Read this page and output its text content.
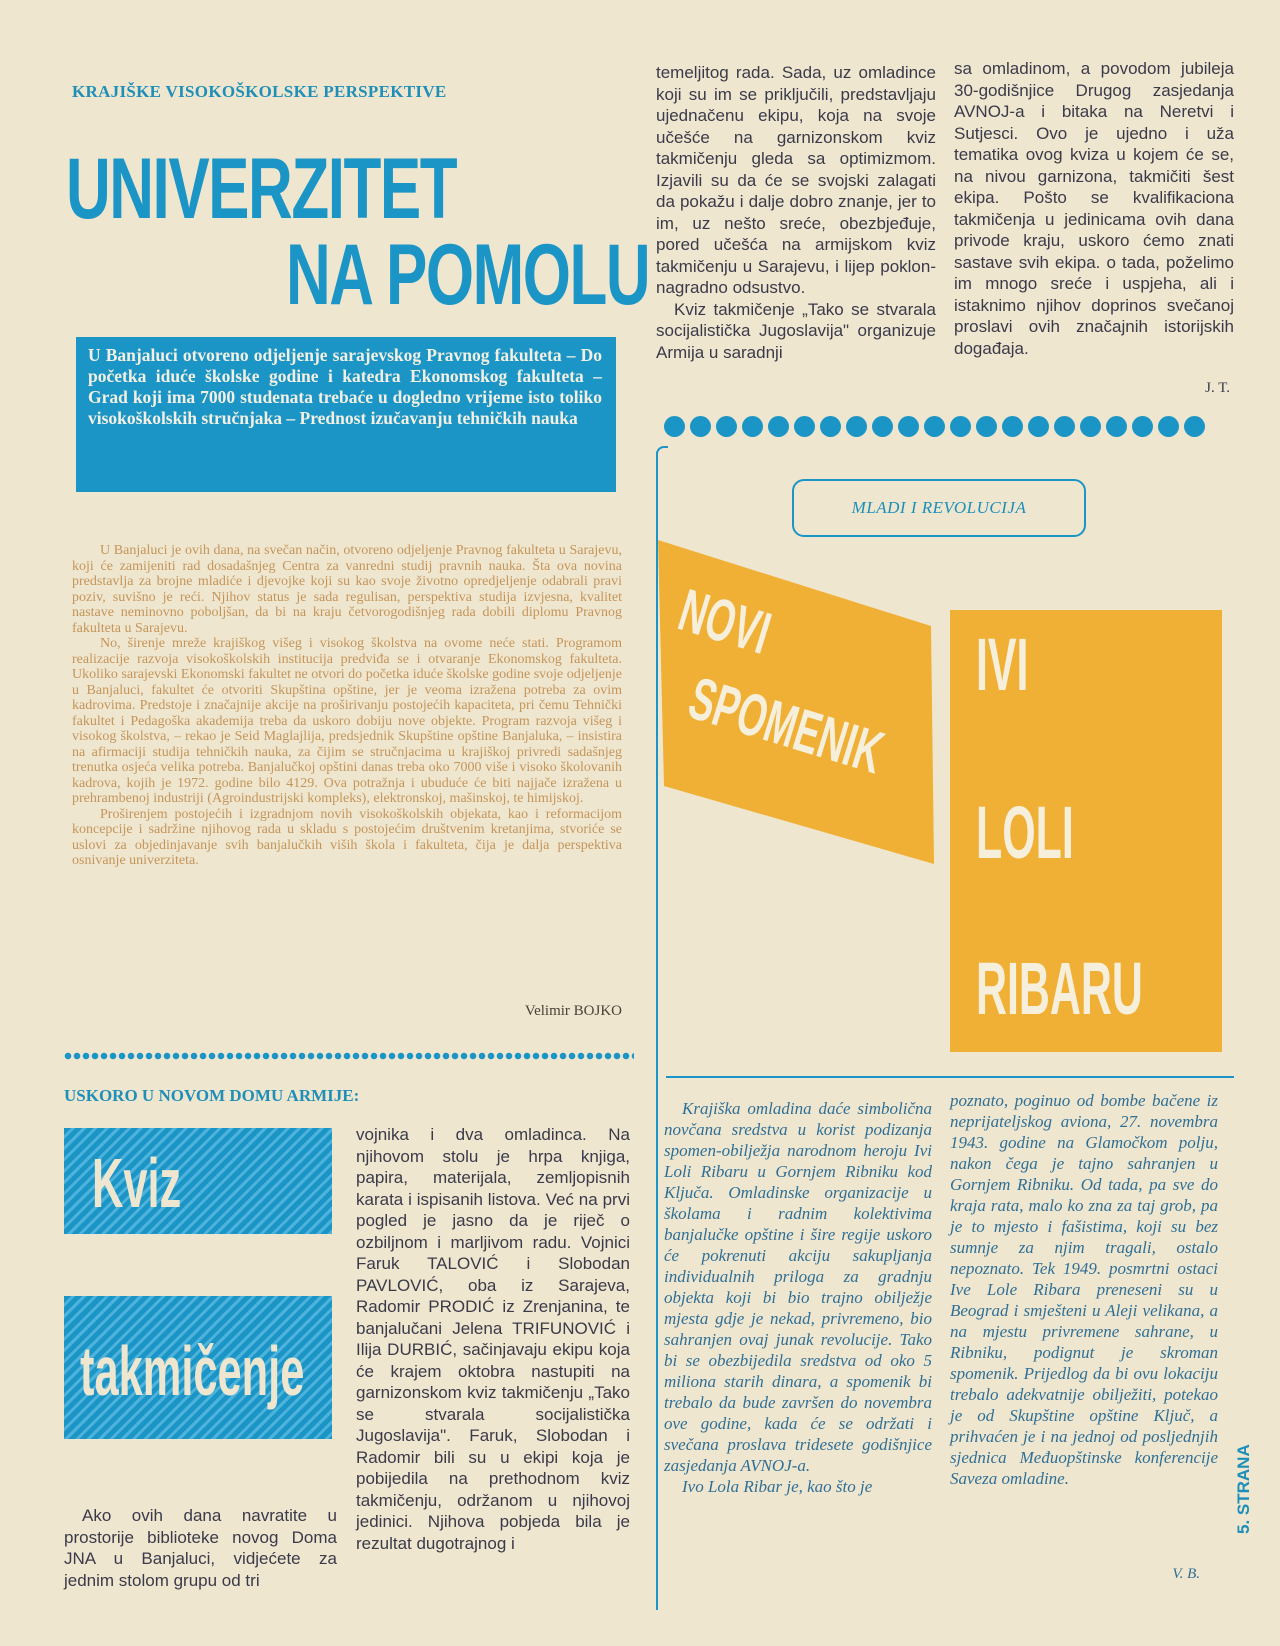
KRAJIŠKE VISOKOŠKOLSKE PERSPEKTIVE
UNIVERZITET
NA POMOLU
U Banjaluci otvoreno odjeljenje sarajevskog Pravnog fakulteta – Do početka iduće školske godine i katedra Ekonomskog fakulteta – Grad koji ima 7000 studenata trebaće u dogledno vrijeme isto toliko visokoškolskih stručnjaka – Prednost izučavanju tehničkih nauka

U Banjaluci je ovih dana, na svečan način, otvoreno odjeljenje Pravnog fakulteta u Sarajevu, koji će zamijeniti rad dosadašnjeg Centra za vanredni studij pravnih nauka. Šta ova novina predstavlja za brojne mladiće i djevojke koji su kao svoje životno opredjeljenje odabrali pravi poziv, suvišno je reći. Njihov status je sada regulisan, perspektiva studija izvjesna, kvalitet nastave neminovno poboljšan, da bi na kraju četvorogodišnjeg rada dobili diplomu Pravnog fakulteta u Sarajevu.

No, širenje mreže krajiškog višeg i visokog školstva na ovome neće stati. Programom realizacije razvoja visokoškolskih institucija predviđa se i otvaranje Ekonomskog fakulteta. Ukoliko sarajevski Ekonomski fakultet ne otvori do početka iduće školske godine svoje odjeljenje u Banjaluci, fakultet će otvoriti Skupština opštine, jer je veoma izražena potreba za ovim kadrovima. Predstoje i značajnije akcije na proširivanju postojećih kapaciteta, pri čemu Tehnički fakultet i Pedagoška akademija treba da uskoro dobiju nove objekte. Program razvoja višeg i visokog školstva, – rekao je Seid Maglajlija, predsjednik Skupštine opštine Banjaluka, – insistira na afirmaciji studija tehničkih nauka, za čijim se stručnjacima u krajiškoj privredi sadašnjeg trenutka osjeća velika potreba. Banjalučkoj opštini danas treba oko 7000 više i visoko školovanih kadrova, kojih je 1972. godine bilo 4129. Ova potražnja i ubuduće će biti najjače izražena u prehrambenoj industriji (Agroindustrijski kompleks), elektronskoj, mašinskoj, te himijskoj.

Proširenjem postojećih i izgradnjom novih visokoškolskih objekata, kao i reformacijom koncepcije i sadržine njihovog rada u skladu s postojećim društvenim kretanjima, stvoriće se uslovi za objedinjavanje svih banjalučkih viših škola i fakulteta, čija je dalja perspektiva osnivanje univerziteta.

Velimir BOJKO
USKORO U NOVOM DOMU ARMIJE:
Kviz
takmičenje

Ako ovih dana navratite u prostorije biblioteke novog Doma JNA u Banjaluci, vidjećete za jednim stolom grupu od tri

vojnika i dva omladinca. Na njihovom stolu je hrpa knjiga, papira, materijala, zemljopisnih karata i ispisanih listova. Već na prvi pogled je jasno da je riječ o ozbiljnom i marljivom radu. Vojnici Faruk TALOVIĆ i Slobodan PAVLOVIĆ, oba iz Sarajeva, Radomir PRODIĆ iz Zrenjanina, te banjalučani Jelena TRIFUNOVIĆ i Ilija DURBIĆ, sačinjavaju ekipu koja će krajem oktobra nastupiti na garnizonskom kviz takmičenju „Tako se stvarala socijalistička Jugoslavija". Faruk, Slobodan i Radomir bili su u ekipi koja je pobijedila na prethodnom kviz takmičenju, održanom u njihovoj jedinici. Njihova pobjeda bila je rezultat dugotrajnog i

temeljitog rada. Sada, uz omladince koji su im se priključili, predstavljaju ujednačenu ekipu, koja na svoje učešće na garnizonskom kviz takmičenju gleda sa optimizmom. Izjavili su da će se svojski zalagati da pokažu i dalje dobro znanje, jer to im, uz nešto sreće, obezbjeđuje, pored učešća na armijskom kviz takmičenju u Sarajevu, i lijep poklon-nagradno odsustvo.

Kviz takmičenje „Tako se stvarala socijalistička Jugoslavija" organizuje Armija u saradnji

sa omladinom, a povodom jubileja 30-godišnjice Drugog zasjedanja AVNOJ-a i bitaka na Neretvi i Sutjesci. Ovo je ujedno i uža tematika ovog kviza u kojem će se, na nivou garnizona, takmičiti šest ekipa. Pošto se kvalifikaciona takmičenja u jedinicama ovih dana privode kraju, uskoro ćemo znati sastave svih ekipa. o tada, poželimo im mnogo sreće i uspjeha, ali i istaknimo njihov doprinos svečanoj proslavi ovih značajnih istorijskih događaja.

J. T.
MLADI I REVOLUCIJA
NOVI
SPOMENIK IVI
LOLI
RIBARU

Krajiška omladina daće simbolična novčana sredstva u korist podizanja spomen-obilježja narodnom heroju Ivi Loli Ribaru u Gornjem Ribniku kod Ključa. Omladinske organizacije u školama i radnim kolektivima banjalučke opštine i šire regije uskoro će pokrenuti akciju sakupljanja individualnih priloga za gradnju objekta koji bi bio trajno obilježje mjesta gdje je nekad, privremeno, bio sahranjen ovaj junak revolucije. Tako bi se obezbijedila sredstva od oko 5 miliona starih dinara, a spomenik bi trebalo da bude završen do novembra ove godine, kada će se održati i svečana proslava tridesete godišnjice zasjedanja AVNOJ-a.

Ivo Lola Ribar je, kao što je

poznato, poginuo od bombe bačene iz neprijateljskog aviona, 27. novembra 1943. godine na Glamočkom polju, nakon čega je tajno sahranjen u Gornjem Ribniku. Od tada, pa sve do kraja rata, malo ko zna za taj grob, pa je to mjesto i fašistima, koji su bez sumnje za njim tragali, ostalo nepoznato. Tek 1949. posmrtni ostaci Ive Lole Ribara preneseni su u Beograd i smješteni u Aleji velikana, a na mjestu privremene sahrane, u Ribniku, podignut je skroman spomenik. Prijedlog da bi ovu lokaciju trebalo adekvatnije obilježiti, potekao je od Skupštine opštine Ključ, a prihvaćen je i na jednoj od posljednjih sjednica Međuopštinske konferencije Saveza omladine.

V. B.
5. STRANA
